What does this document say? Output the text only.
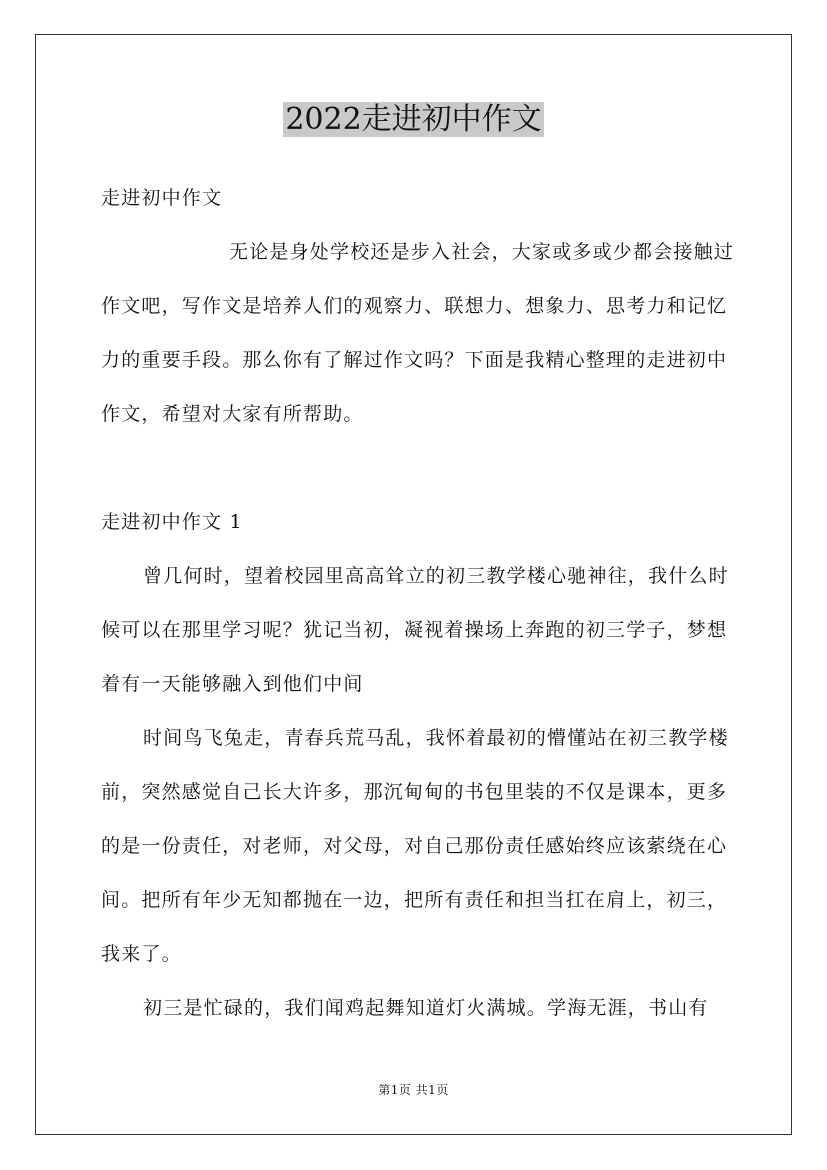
2022走进初中作文

走进初中作文

无论是身处学校还是步入社会，大家或多或少都会接触过作文吧，写作文是培养人们的观察力、联想力、想象力、思考力和记忆力的重要手段。那么你有了解过作文吗？下面是我精心整理的走进初中作文，希望对大家有所帮助。

走进初中作文 1

曾几何时，望着校园里高高耸立的初三教学楼心驰神往，我什么时候可以在那里学习呢？犹记当初，凝视着操场上奔跑的初三学子，梦想着有一天能够融入到他们中间

时间鸟飞兔走，青春兵荒马乱，我怀着最初的懵懂站在初三教学楼前，突然感觉自己长大许多，那沉甸甸的书包里装的不仅是课本，更多的是一份责任，对老师，对父母，对自己那份责任感始终应该萦绕在心间。把所有年少无知都抛在一边，把所有责任和担当扛在肩上，初三，我来了。

初三是忙碌的，我们闻鸡起舞知道灯火满城。学海无涯，书山有

第1页 共1页
